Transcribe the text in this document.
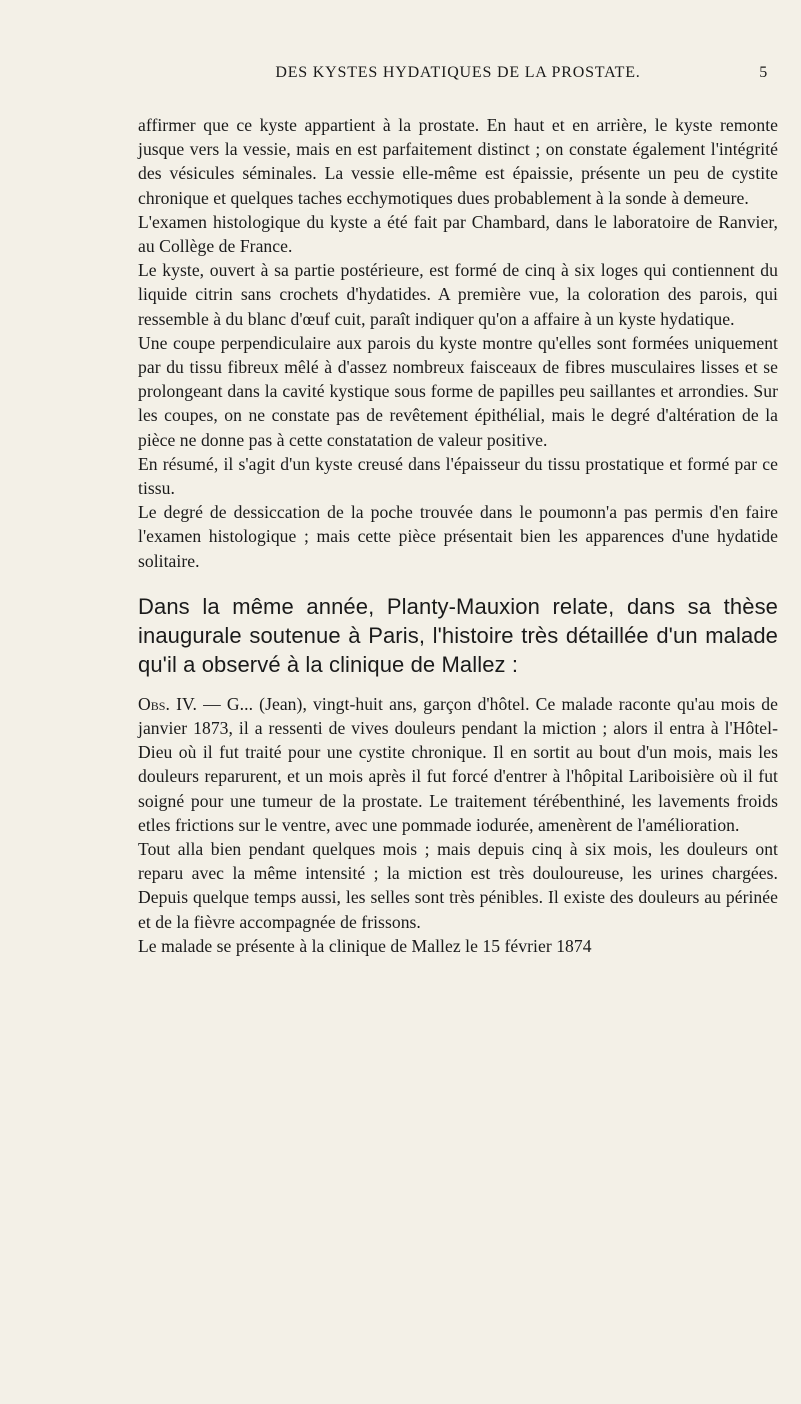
DES KYSTES HYDATIQUES DE LA PROSTATE.	5

affirmer que ce kyste appartient à la prostate. En haut et en arrière, le kyste remonte jusque vers la vessie, mais en est parfaitement distinct ; on constate également l'intégrité des vésicules séminales. La vessie elle-même est épaissie, présente un peu de cystite chronique et quelques taches ecchymotiques dues probablement à la sonde à demeure.

L'examen histologique du kyste a été fait par Chambard, dans le laboratoire de Ranvier, au Collège de France.

Le kyste, ouvert à sa partie postérieure, est formé de cinq à six loges qui contiennent du liquide citrin sans crochets d'hydatides. A première vue, la coloration des parois, qui ressemble à du blanc d'œuf cuit, paraît indiquer qu'on a affaire à un kyste hydatique.

Une coupe perpendiculaire aux parois du kyste montre qu'elles sont formées uniquement par du tissu fibreux mêlé à d'assez nombreux faisceaux de fibres musculaires lisses et se prolongeant dans la cavité kystique sous forme de papilles peu saillantes et arrondies. Sur les coupes, on ne constate pas de revêtement épithélial, mais le degré d'altération de la pièce ne donne pas à cette constatation de valeur positive.

En résumé, il s'agit d'un kyste creusé dans l'épaisseur du tissu prostatique et formé par ce tissu.

Le degré de dessiccation de la poche trouvée dans le poumonn'a pas permis d'en faire l'examen histologique ; mais cette pièce présentait bien les apparences d'une hydatide solitaire.

Dans la même année, Planty-Mauxion relate, dans sa thèse inaugurale soutenue à Paris, l'histoire très détaillée d'un malade qu'il a observé à la clinique de Mallez :

Obs. IV. — G... (Jean), vingt-huit ans, garçon d'hôtel. Ce malade raconte qu'au mois de janvier 1873, il a ressenti de vives douleurs pendant la miction ; alors il entra à l'Hôtel-Dieu où il fut traité pour une cystite chronique. Il en sortit au bout d'un mois, mais les douleurs reparurent, et un mois après il fut forcé d'entrer à l'hôpital Lariboisière où il fut soigné pour une tumeur de la prostate. Le traitement térébenthiné, les lavements froids etles frictions sur le ventre, avec une pommade iodurée, amenèrent de l'amélioration.

Tout alla bien pendant quelques mois ; mais depuis cinq à six mois, les douleurs ont reparu avec la même intensité ; la miction est très douloureuse, les urines chargées. Depuis quelque temps aussi, les selles sont très pénibles. Il existe des douleurs au périnée et de la fièvre accompagnée de frissons.

Le malade se présente à la clinique de Mallez le 15 février 1874
